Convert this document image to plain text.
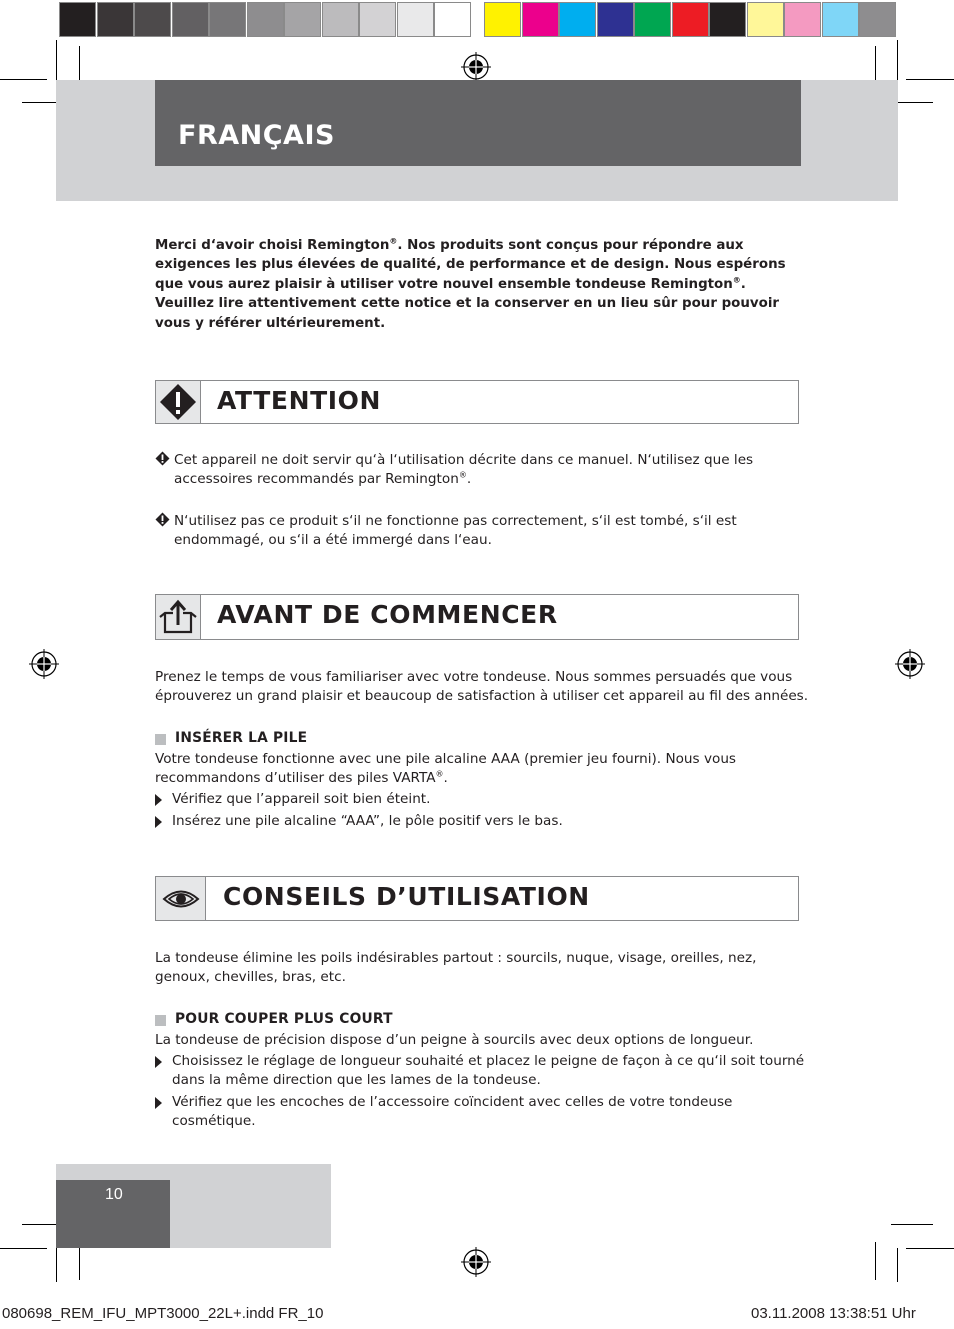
FRANÇAIS

Merci d‘avoir choisi Remington®. Nos produits sont conçus pour répondre aux

exigences les plus élevées de qualité, de performance et de design. Nous espérons

que vous aurez plaisir à utiliser votre nouvel ensemble tondeuse Remington®.

Veuillez lire attentivement cette notice et la conserver en un lieu sûr pour pouvoir

vous y référer ultérieurement.

ATTENTION
Cet appareil ne doit servir qu‘à l‘utilisation décrite dans ce manuel. N‘utilisez que les
accessoires recommandés par Remington®.
N‘utilisez pas ce produit s‘il ne fonctionne pas correctement, s‘il est tombé, s‘il est
endommagé, ou s‘il a été immergé dans l‘eau.
AVANT DE COMMENCER
Prenez le temps de vous familiariser avec votre tondeuse. Nous sommes persuadés que vous
éprouverez un grand plaisir et beaucoup de satisfaction à utiliser cet appareil au fil des années.
INSÉRER LA PILE
Votre tondeuse fonctionne avec une pile alcaline AAA (premier jeu fourni). Nous vous
recommandons d’utiliser des piles VARTA®.
Vérifiez que l’appareil soit bien éteint.
Insérez une pile alcaline “AAA”, le pôle positif vers le bas.
CONSEILS D’UTILISATION
La tondeuse élimine les poils indésirables partout : sourcils, nuque, visage, oreilles, nez,
genoux, chevilles, bras, etc.
POUR COUPER PLUS COURT
La tondeuse de précision dispose d’un peigne à sourcils avec deux options de longueur.
Choisissez le réglage de longueur souhaité et placez le peigne de façon à ce qu‘il soit tourné
dans la même direction que les lames de la tondeuse.
Vérifiez que les encoches de l’accessoire coïncident avec celles de votre tondeuse
cosmétique.
10
080698_REM_IFU_MPT3000_22L+.indd FR_10	03.11.2008 13:38:51 Uhr
